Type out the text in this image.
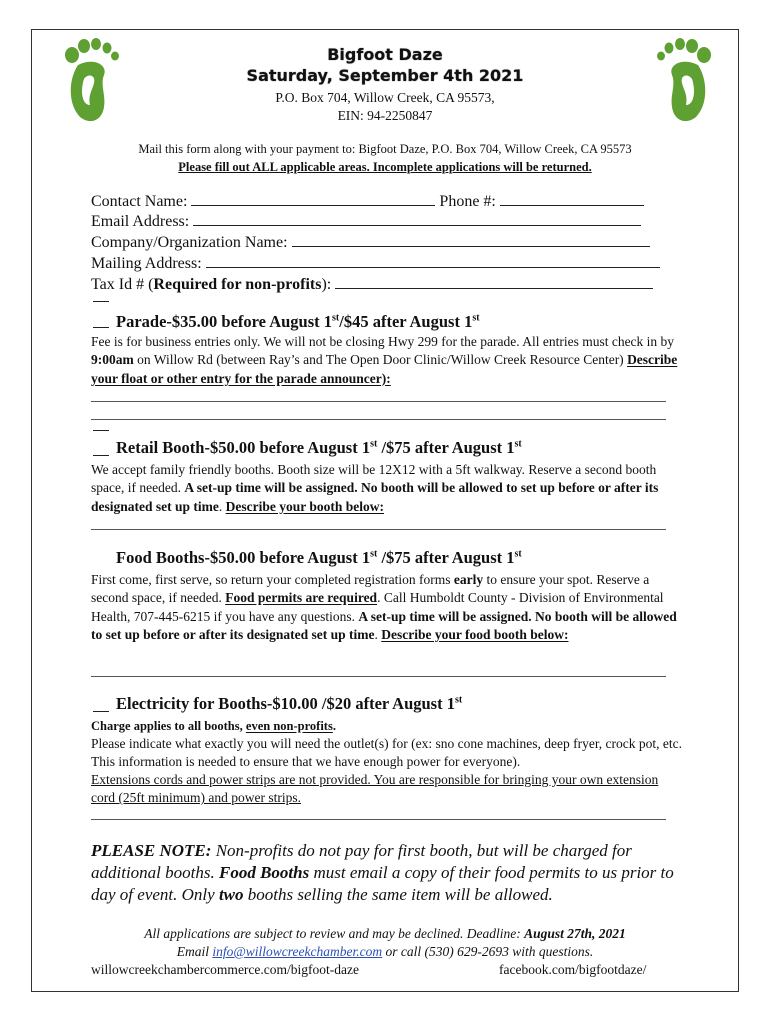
Bigfoot Daze
Saturday, September 4th 2021
P.O. Box 704, Willow Creek, CA 95573,
EIN: 94-2250847
Mail this form along with your payment to: Bigfoot Daze, P.O. Box 704, Willow Creek, CA 95573
Please fill out ALL applicable areas. Incomplete applications will be returned.
Contact Name:	Phone #:
Email Address:
Company/Organization Name:
Mailing Address:
Tax Id # (Required for non-profits):
Parade-$35.00 before August 1st/$45 after August 1st
Fee is for business entries only. We will not be closing Hwy 299 for the parade. All entries must check in by 9:00am on Willow Rd (between Ray’s and The Open Door Clinic/Willow Creek Resource Center) Describe your float or other entry for the parade announcer):
Retail Booth-$50.00 before August 1st /$75 after August 1st
We accept family friendly booths. Booth size will be 12X12 with a 5ft walkway. Reserve a second booth space, if needed. A set-up time will be assigned. No booth will be allowed to set up before or after its designated set up time. Describe your booth below:
Food Booths-$50.00 before August 1st /$75 after August 1st
First come, first serve, so return your completed registration forms early to ensure your spot. Reserve a second space, if needed. Food permits are required. Call Humboldt County - Division of Environmental Health, 707-445-6215 if you have any questions. A set-up time will be assigned. No booth will be allowed to set up before or after its designated set up time. Describe your food booth below:
Electricity for Booths-$10.00 /$20 after August 1st
Charge applies to all booths, even non-profits.
Please indicate what exactly you will need the outlet(s) for (ex: sno cone machines, deep fryer, crock pot, etc. This information is needed to ensure that we have enough power for everyone).
Extensions cords and power strips are not provided. You are responsible for bringing your own extension cord (25ft minimum) and power strips.
PLEASE NOTE: Non-profits do not pay for first booth, but will be charged for additional booths. Food Booths must email a copy of their food permits to us prior to day of event. Only two booths selling the same item will be allowed.
All applications are subject to review and may be declined. Deadline: August 27th, 2021
Email info@willowcreekchamber.com or call (530) 629-2693 with questions.
willowcreekchambercommerce.com/bigfoot-daze	facebook.com/bigfootdaze/
